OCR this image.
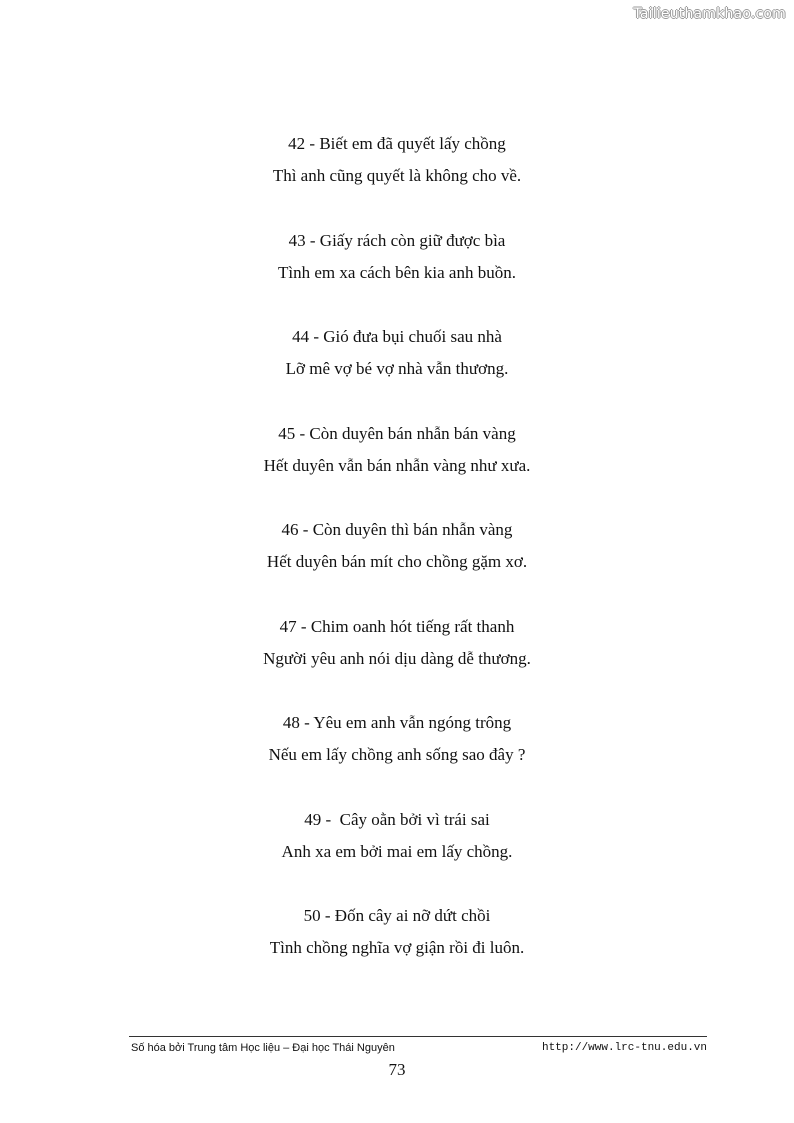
Tailieuthamkhao.com
42 - Biết em đã quyết lấy chồng
Thì anh cũng quyết là không cho về.
43 - Giấy rách còn giữ được bìa
Tình em xa cách bên kia anh buồn.
44 - Gió đưa bụi chuối sau nhà
Lỡ mê vợ bé vợ nhà vẫn thương.
45 - Còn duyên bán nhẫn bán vàng
Hết duyên vẫn bán nhẫn vàng như xưa.
46 - Còn duyên thì bán nhẫn vàng
Hết duyên bán mít cho chồng gặm xơ.
47 - Chim oanh hót tiếng rất thanh
Người yêu anh nói dịu dàng dễ thương.
48 - Yêu em anh vẫn ngóng trông
Nếu em lấy chồng anh sống sao đây ?
49 -  Cây oằn bởi vì trái sai
Anh xa em bởi mai em lấy chồng.
50 - Đốn cây ai nỡ dứt chồi
Tình chồng nghĩa vợ giận rồi đi luôn.
Số hóa bởi Trung tâm Học liệu – Đại học Thái Nguyên	http://www.lrc-tnu.edu.vn
73
